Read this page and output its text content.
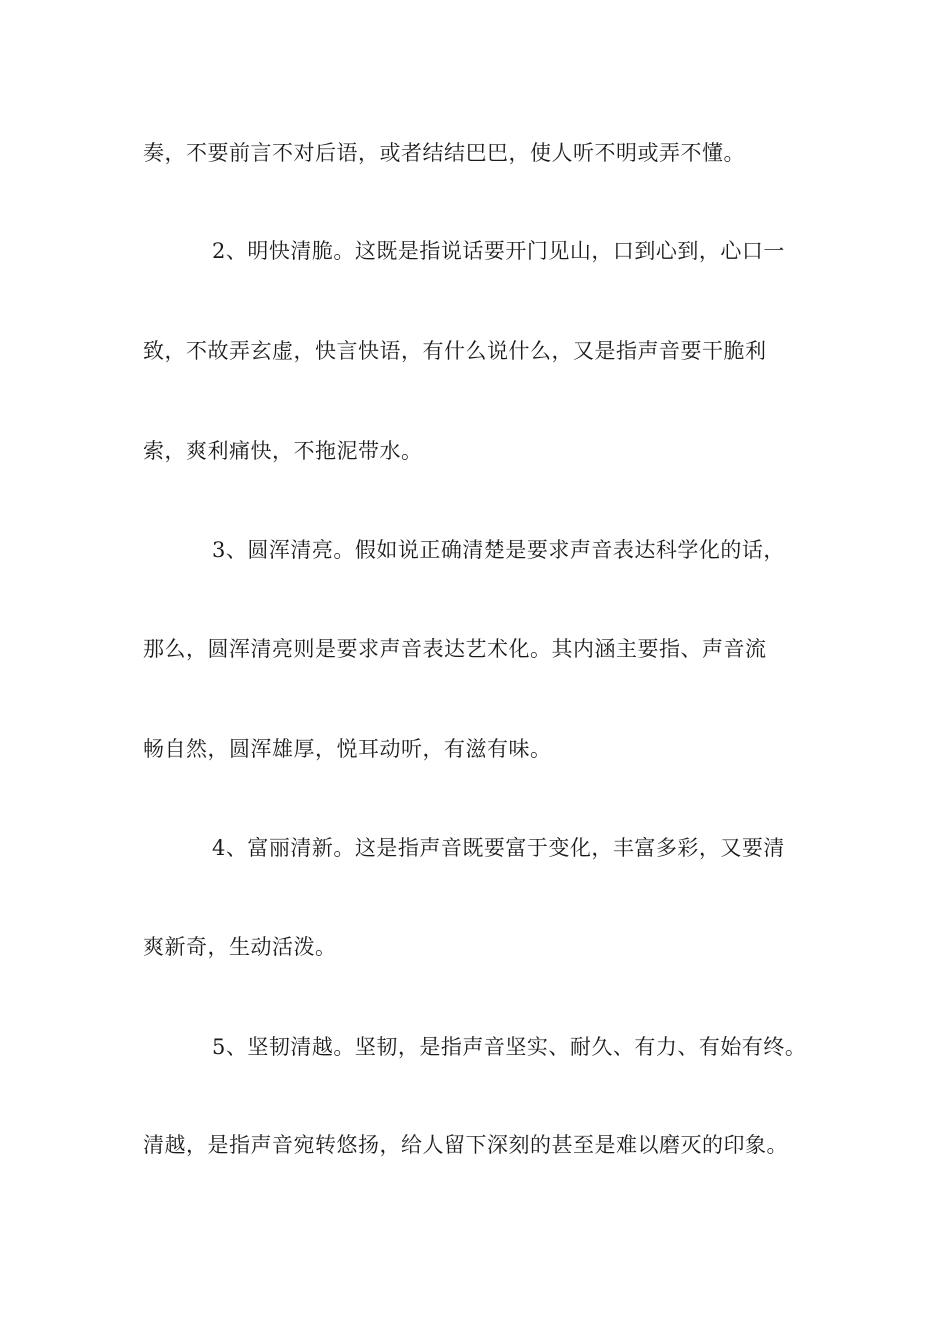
奏，不要前言不对后语，或者结结巴巴，使人听不明或弄不懂。
2、明快清脆。这既是指说话要开门见山，口到心到，心口一
致，不故弄玄虚，快言快语，有什么说什么，又是指声音要干脆利
索，爽利痛快，不拖泥带水。
3、圆浑清亮。假如说正确清楚是要求声音表达科学化的话，
那么，圆浑清亮则是要求声音表达艺术化。其内涵主要指、声音流
畅自然，圆浑雄厚，悦耳动听，有滋有味。
4、富丽清新。这是指声音既要富于变化，丰富多彩，又要清
爽新奇，生动活泼。
5、坚韧清越。坚韧，是指声音坚实、耐久、有力、有始有终。
清越，是指声音宛转悠扬，给人留下深刻的甚至是难以磨灭的印象。
